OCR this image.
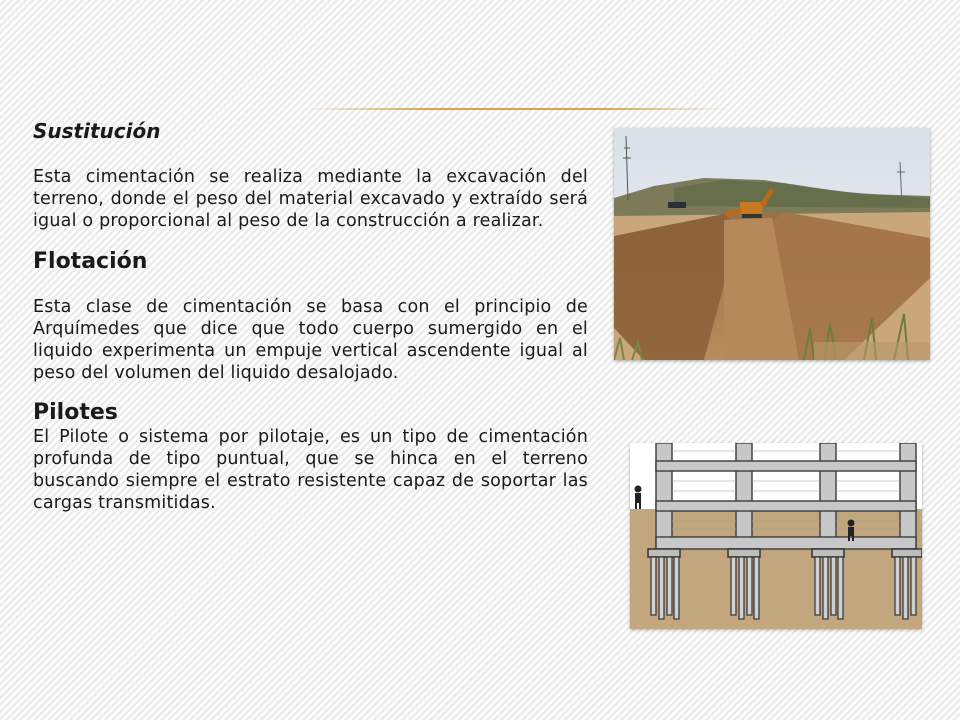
Sustitución

Esta cimentación se realiza mediante la excavación del terreno, donde el peso del material excavado y extraído será igual o proporcional al peso de la construcción a realizar.

Flotación

Esta clase de cimentación se basa con el principio de Arquímedes que dice que todo cuerpo sumergido en el liquido experimenta un empuje vertical ascendente igual al peso del volumen del liquido desalojado.

Pilotes

El Pilote o sistema por pilotaje, es un tipo de cimentación profunda de tipo puntual, que se hinca en el terreno buscando siempre el estrato resistente capaz de soportar las cargas transmitidas.
